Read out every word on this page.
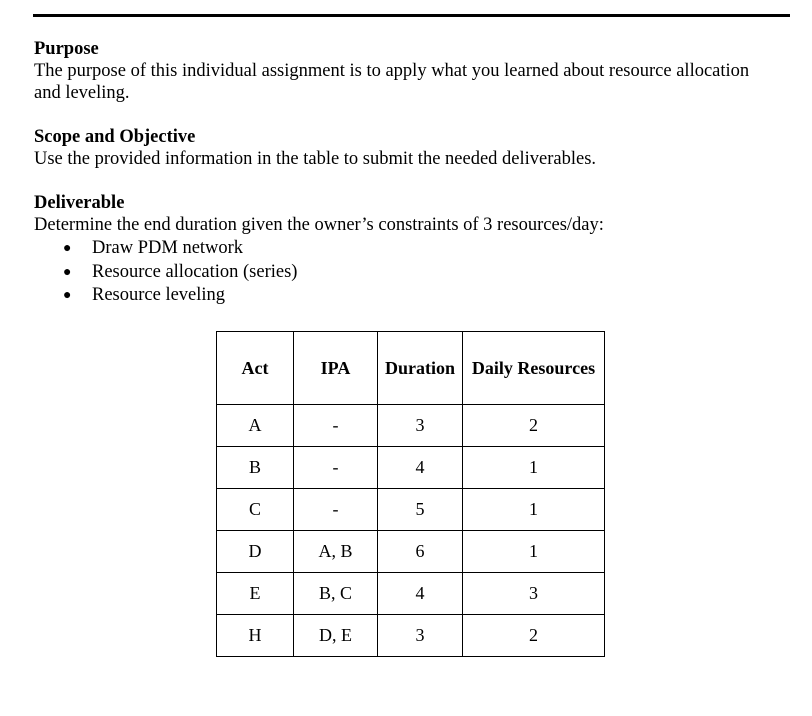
Purpose
The purpose of this individual assignment is to apply what you learned about resource allocation
and leveling.
Scope and Objective
Use the provided information in the table to submit the needed deliverables.
Deliverable
Determine the end duration given the owner’s constraints of 3 resources/day:
● Draw PDM network
● Resource allocation (series)
● Resource leveling
Act	IPA	Duration	Daily Resources
A	-	3	2
B	-	4	1
C	-	5	1
D	A, B	6	1
E	B, C	4	3
H	D, E	3	2
